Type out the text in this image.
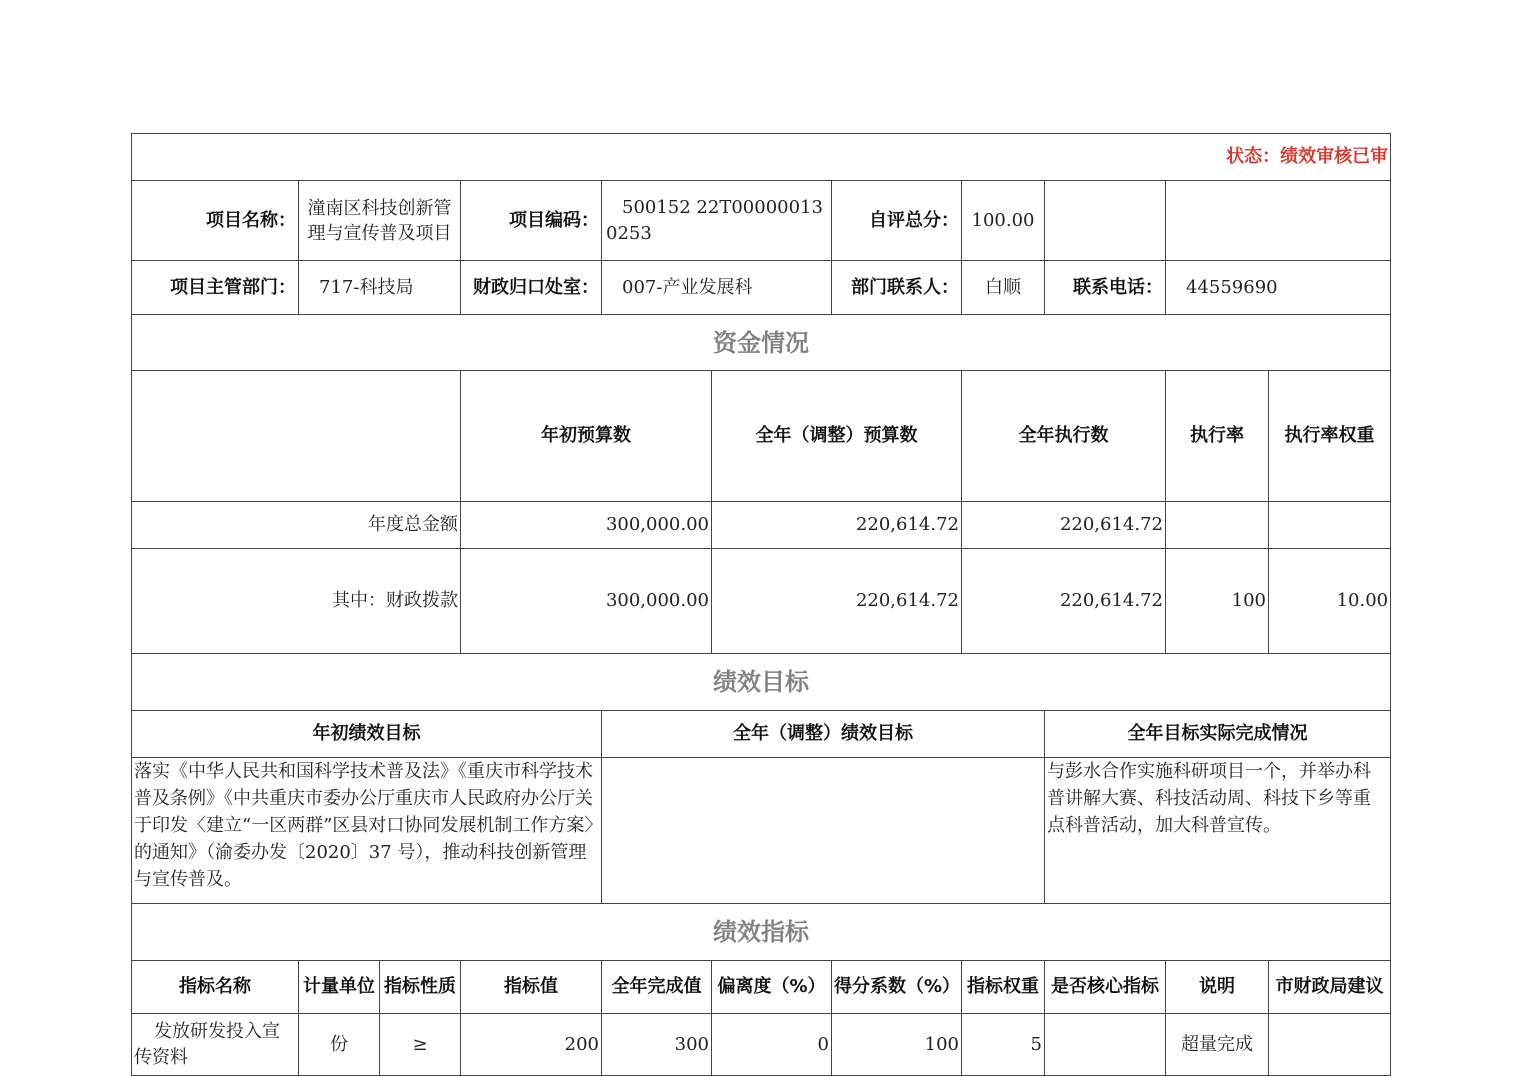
状态：绩效审核已审											
项目名称：	潼南区科技创新管理与宣传普及项目		项目编码：	500152 22T000000130253		自评总分：	100.00				
项目主管部门：	717-科技局		财政归口处室：	007-产业发展科		部门联系人：	白顺	联系电话：	44559690		
资金情况											
			年初预算数		全年（调整）预算数		全年执行数		执行率	执行率权重	
年度总金额			300,000.00		220,614.72		220,614.72				
其中：财政拨款			300,000.00		220,614.72		220,614.72		100	10.00	
绩效目标											
年初绩效目标				全年（调整）绩效目标				全年目标实际完成情况			
落实《中华人民共和国科学技术普及法》《重庆市科学技术普及条例》《中共重庆市委办公厅重庆市人民政府办公厅关于印发〈建立“一区两群”区县对口协同发展机制工作方案〉的通知》（渝委办发〔2020〕37 号），推动科技创新管理与宣传普及。								与彭水合作实施科研项目一个，并举办科普讲解大赛、科技活动周、科技下乡等重点科普活动，加大科普宣传。			
绩效指标											
指标名称	计量单位	指标性质	指标值	全年完成值	偏离度（%）	得分系数（%）	指标权重	是否核心指标	说明	市财政局建议	
发放研发投入宣传资料	份	≥	200	300	0	100	5		超量完成		
